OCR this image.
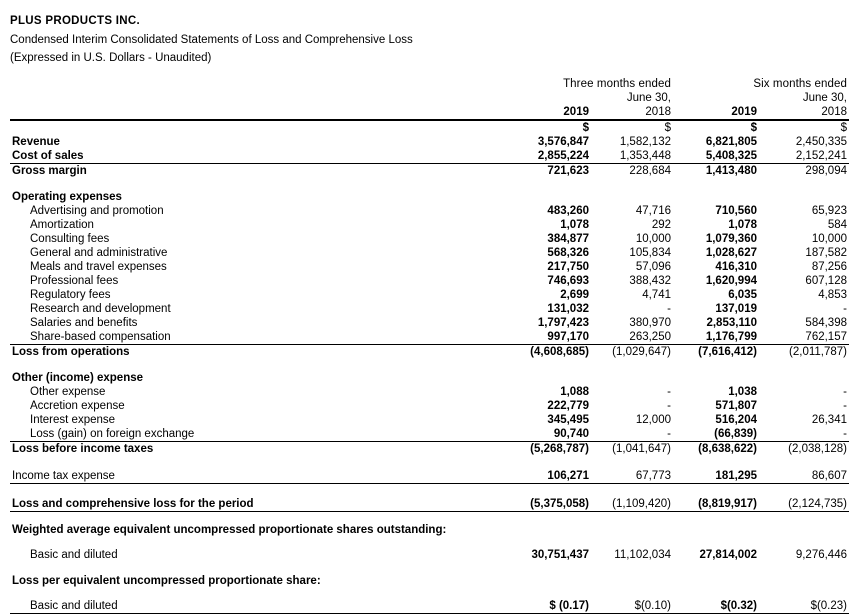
PLUS PRODUCTS INC.
Condensed Interim Consolidated Statements of Loss and Comprehensive Loss
(Expressed in U.S. Dollars - Unaudited)
	Three months ended		Six months ended	
	June 30,		June 30,	
	2019	2018	2019	2018
	$	$	$	$
Revenue	3,576,847	1,582,132	6,821,805	2,450,335
Cost of sales	2,855,224	1,353,448	5,408,325	2,152,241
Gross margin	721,623	228,684	1,413,480	298,094

Operating expenses				
Advertising and promotion	483,260	47,716	710,560	65,923
Amortization	1,078	292	1,078	584
Consulting fees	384,877	10,000	1,079,360	10,000
General and administrative	568,326	105,834	1,028,627	187,582
Meals and travel expenses	217,750	57,096	416,310	87,256
Professional fees	746,693	388,432	1,620,994	607,128
Regulatory fees	2,699	4,741	6,035	4,853
Research and development	131,032	-	137,019	-
Salaries and benefits	1,797,423	380,970	2,853,110	584,398
Share-based compensation	997,170	263,250	1,176,799	762,157
Loss from operations	(4,608,685)	(1,029,647)	(7,616,412)	(2,011,787)

Other (income) expense				
Other expense	1,088	-	1,038	-
Accretion expense	222,779	-	571,807	-
Interest expense	345,495	12,000	516,204	26,341
Loss (gain) on foreign exchange	90,740	-	(66,839)	-
Loss before income taxes	(5,268,787)	(1,041,647)	(8,638,622)	(2,038,128)

Income tax expense	106,271	67,773	181,295	86,607

Loss and comprehensive loss for the period	(5,375,058)	(1,109,420)	(8,819,917)	(2,124,735)

Weighted average equivalent uncompressed proportionate shares outstanding:				

Basic and diluted	30,751,437	11,102,034	27,814,002	9,276,446

Loss per equivalent uncompressed proportionate share:				

Basic and diluted	$ (0.17)	$(0.10)	$(0.32)	$(0.23)
